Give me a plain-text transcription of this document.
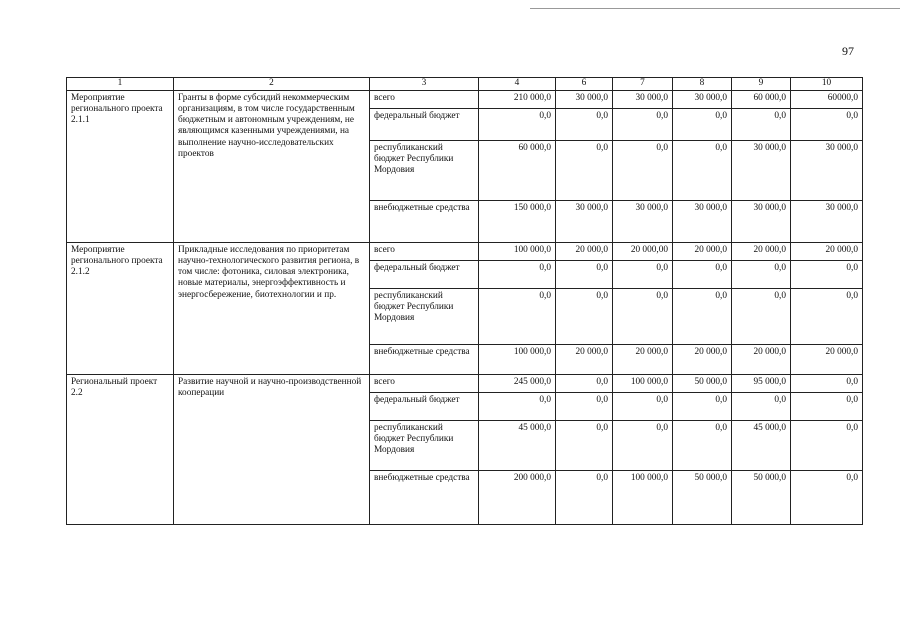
97
1	2	3	4	6	7	8	9	10
Мероприятие регионального проекта 2.1.1	Гранты в форме субсидий некоммерческим организациям, в том числе государственным бюджетным и автономным учреждениям, не являющимся казенными учреждениями, на выполнение научно-исследовательских проектов	всего	210 000,0	30 000,0	30 000,0	30 000,0	60 000,0	60000,0
		федеральный бюджет	0,0	0,0	0,0	0,0	0,0	0,0
		республиканский бюджет Республики Мордовия	60 000,0	0,0	0,0	0,0	30 000,0	30 000,0
		внебюджетные средства	150 000,0	30 000,0	30 000,0	30 000,0	30 000,0	30 000,0
Мероприятие регионального проекта 2.1.2	Прикладные исследования по приоритетам научно-технологического развития региона, в том числе: фотоника, силовая электроника, новые материалы, энергоэффективность и энергосбережение, биотехнологии и пр.	всего	100 000,0	20 000,0	20 000,00	20 000,0	20 000,0	20 000,0
		федеральный бюджет	0,0	0,0	0,0	0,0	0,0	0,0
		республиканский бюджет Республики Мордовия	0,0	0,0	0,0	0,0	0,0	0,0
		внебюджетные средства	100 000,0	20 000,0	20 000,0	20 000,0	20 000,0	20 000,0
Региональный проект 2.2	Развитие научной и научно-производственной кооперации	всего	245 000,0	0,0	100 000,0	50 000,0	95 000,0	0,0
		федеральный бюджет	0,0	0,0	0,0	0,0	0,0	0,0
		республиканский бюджет Республики Мордовия	45 000,0	0,0	0,0	0,0	45 000,0	0,0
		внебюджетные средства	200 000,0	0,0	100 000,0	50 000,0	50 000,0	0,0
